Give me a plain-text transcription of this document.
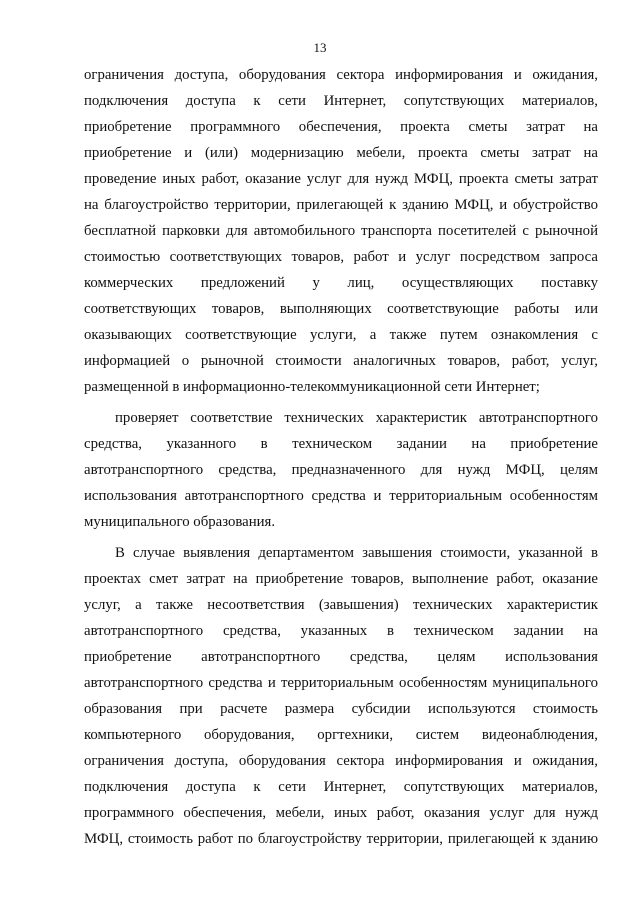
13
ограничения доступа, оборудования сектора информирования и ожидания,
подключения доступа к сети Интернет, сопутствующих материалов,
приобретение программного обеспечения, проекта сметы затрат на
приобретение и (или) модернизацию мебели, проекта сметы затрат на
проведение иных работ, оказание услуг для нужд МФЦ, проекта сметы затрат
на благоустройство территории, прилегающей к зданию МФЦ, и обустройство
бесплатной парковки для автомобильного транспорта посетителей с рыночной
стоимостью соответствующих товаров, работ и услуг посредством запроса
коммерческих предложений у лиц, осуществляющих поставку
соответствующих товаров, выполняющих соответствующие работы или
оказывающих соответствующие услуги, а также путем ознакомления с
информацией о рыночной стоимости аналогичных товаров, работ, услуг,
размещенной в информационно-телекоммуникационной сети Интернет;
проверяет соответствие технических характеристик автотранспортного
средства, указанного в техническом задании на приобретение
автотранспортного средства, предназначенного для нужд МФЦ, целям
использования автотранспортного средства и территориальным особенностям
муниципального образования.
В случае выявления департаментом завышения стоимости, указанной в
проектах смет затрат на приобретение товаров, выполнение работ, оказание
услуг, а также несоответствия (завышения) технических характеристик
автотранспортного средства, указанных в техническом задании на
приобретение автотранспортного средства, целям использования
автотранспортного средства и территориальным особенностям муниципального
образования при расчете размера субсидии используются стоимость
компьютерного оборудования, оргтехники, систем видеонаблюдения,
ограничения доступа, оборудования сектора информирования и ожидания,
подключения доступа к сети Интернет, сопутствующих материалов,
программного обеспечения, мебели, иных работ, оказания услуг для нужд
МФЦ, стоимость работ по благоустройству территории, прилегающей к зданию
